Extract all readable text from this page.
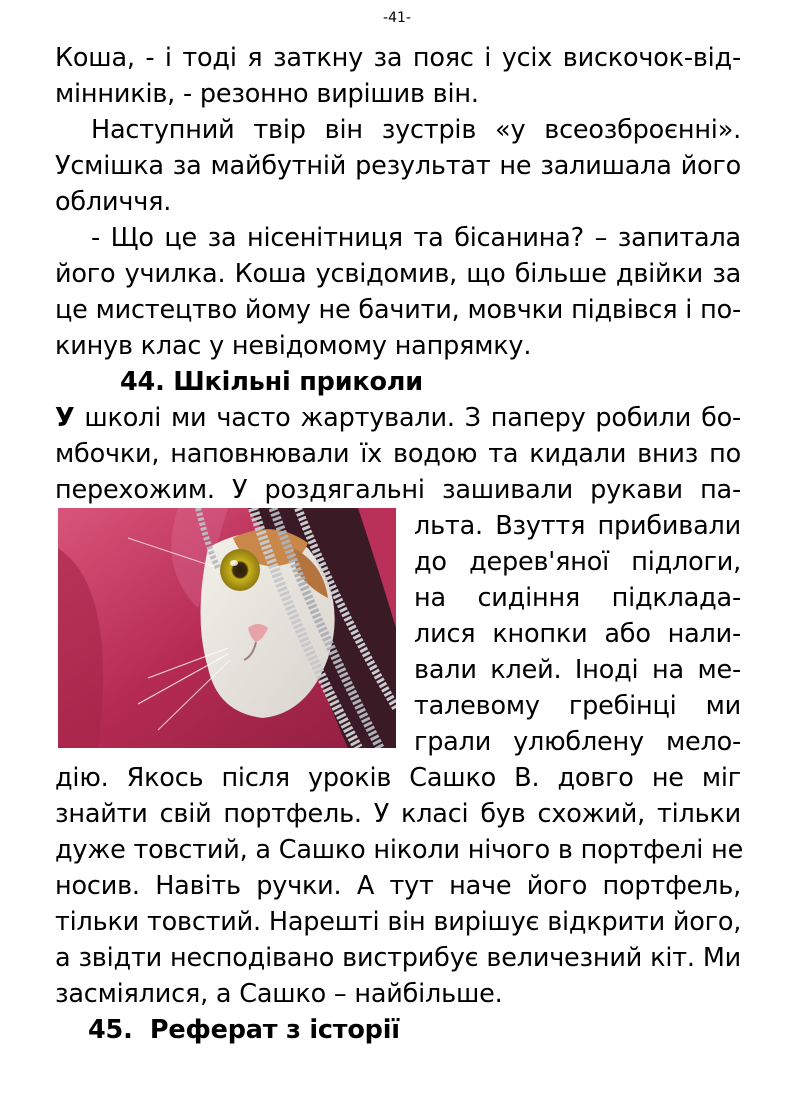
-41-
Коша, - і тоді я заткну за пояс і усіх вискочок-від-
мінників, - резонно вирішив він.
Наступний твір він зустрів «у всеозброєнні».
Усмішка за майбутній результат не залишала його
обличчя.
- Що це за нісенітниця та бісанина? – запитала
його училка. Коша усвідомив, що більше двійки за
це мистецтво йому не бачити, мовчки підвівся і по-
кинув клас у невідомому напрямку.
44. Шкільні приколи
У школі ми часто жартували. З паперу робили бо-
мбочки, наповнювали їх водою та кидали вниз по
перехожим. У роздягальні зашивали рукави па-
льта. Взуття прибивали
до дерев'яної підлоги,
на сидіння підклада-
лися кнопки або нали-
вали клей. Іноді на ме-
талевому гребінці ми
грали улюблену мело-
дію. Якось після уроків Сашко В. довго не міг
знайти свій портфель. У класі був схожий, тільки
дуже товстий, а Сашко ніколи нічого в портфелі не
носив. Навіть ручки. А тут наче його портфель,
тільки товстий. Нарешті він вирішує відкрити його,
а звідти несподівано вистрибує величезний кіт. Ми
засміялися, а Сашко – найбільше.
45.  Реферат з історії
